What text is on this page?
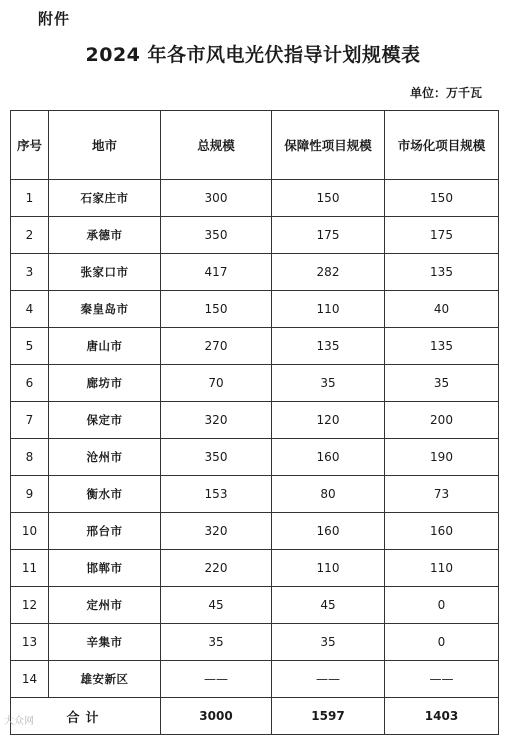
附件
2024 年各市风电光伏指导计划规模表
单位：万千瓦
序号	地市	总规模	保障性项目规模	市场化项目规模
1	石家庄市	300	150	150
2	承德市	350	175	175
3	张家口市	417	282	135
4	秦皇岛市	150	110	40
5	唐山市	270	135	135
6	廊坊市	70	35	35
7	保定市	320	120	200
8	沧州市	350	160	190
9	衡水市	153	80	73
10	邢台市	320	160	160
11	邯郸市	220	110	110
12	定州市	45	45	0
13	辛集市	35	35	0
14	雄安新区	——	——	——
合计		3000	1597	1403
大众网
